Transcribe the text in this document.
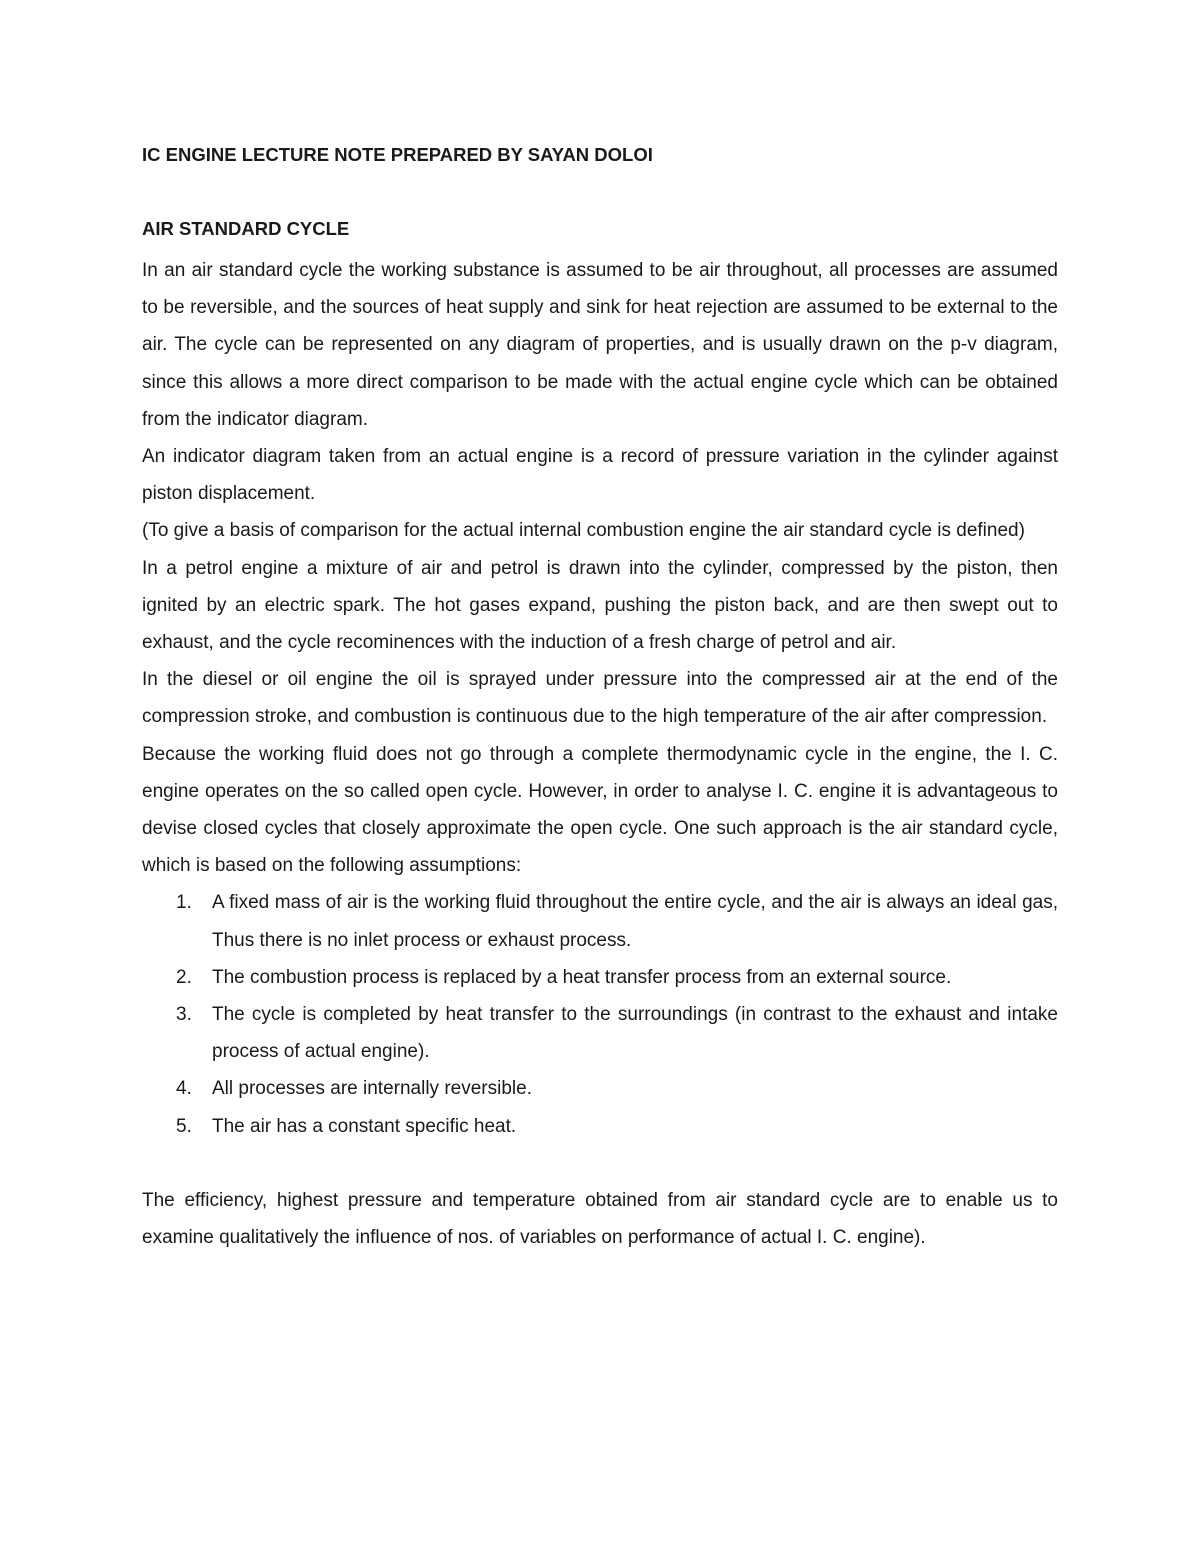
IC ENGINE LECTURE NOTE PREPARED BY SAYAN DOLOI
AIR STANDARD CYCLE

In an air standard cycle the working substance is assumed to be air throughout, all processes are assumed to be reversible, and the sources of heat supply and sink for heat rejection are assumed to be external to the air. The cycle can be represented on any diagram of properties, and is usually drawn on the p-v diagram, since this allows a more direct comparison to be made with the actual engine cycle which can be obtained from the indicator diagram.

An indicator diagram taken from an actual engine is a record of pressure variation in the cylinder against piston displacement.

(To give a basis of comparison for the actual internal combustion engine the air standard cycle is defined)

In a petrol engine a mixture of air and petrol is drawn into the cylinder, compressed by the piston, then ignited by an electric spark. The hot gases expand, pushing the piston back, and are then swept out to exhaust, and the cycle recominences with the induction of a fresh charge of petrol and air.

In the diesel or oil engine the oil is sprayed under pressure into the compressed air at the end of the compression stroke, and combustion is continuous due to the high temperature of the air after compression.

Because the working fluid does not go through a complete thermodynamic cycle in the engine, the I. C. engine operates on the so called open cycle. However, in order to analyse I. C. engine it is advantageous to devise closed cycles that closely approximate the open cycle. One such approach is the air standard cycle, which is based on the following assumptions:

1. A fixed mass of air is the working fluid throughout the entire cycle, and the air is always an ideal gas, Thus there is no inlet process or exhaust process.
2. The combustion process is replaced by a heat transfer process from an external source.
3. The cycle is completed by heat transfer to the surroundings (in contrast to the exhaust and intake process of actual engine).
4. All processes are internally reversible.
5. The air has a constant specific heat.

The efficiency, highest pressure and temperature obtained from air standard cycle are to enable us to examine qualitatively the influence of nos. of variables on performance of actual I. C. engine).
